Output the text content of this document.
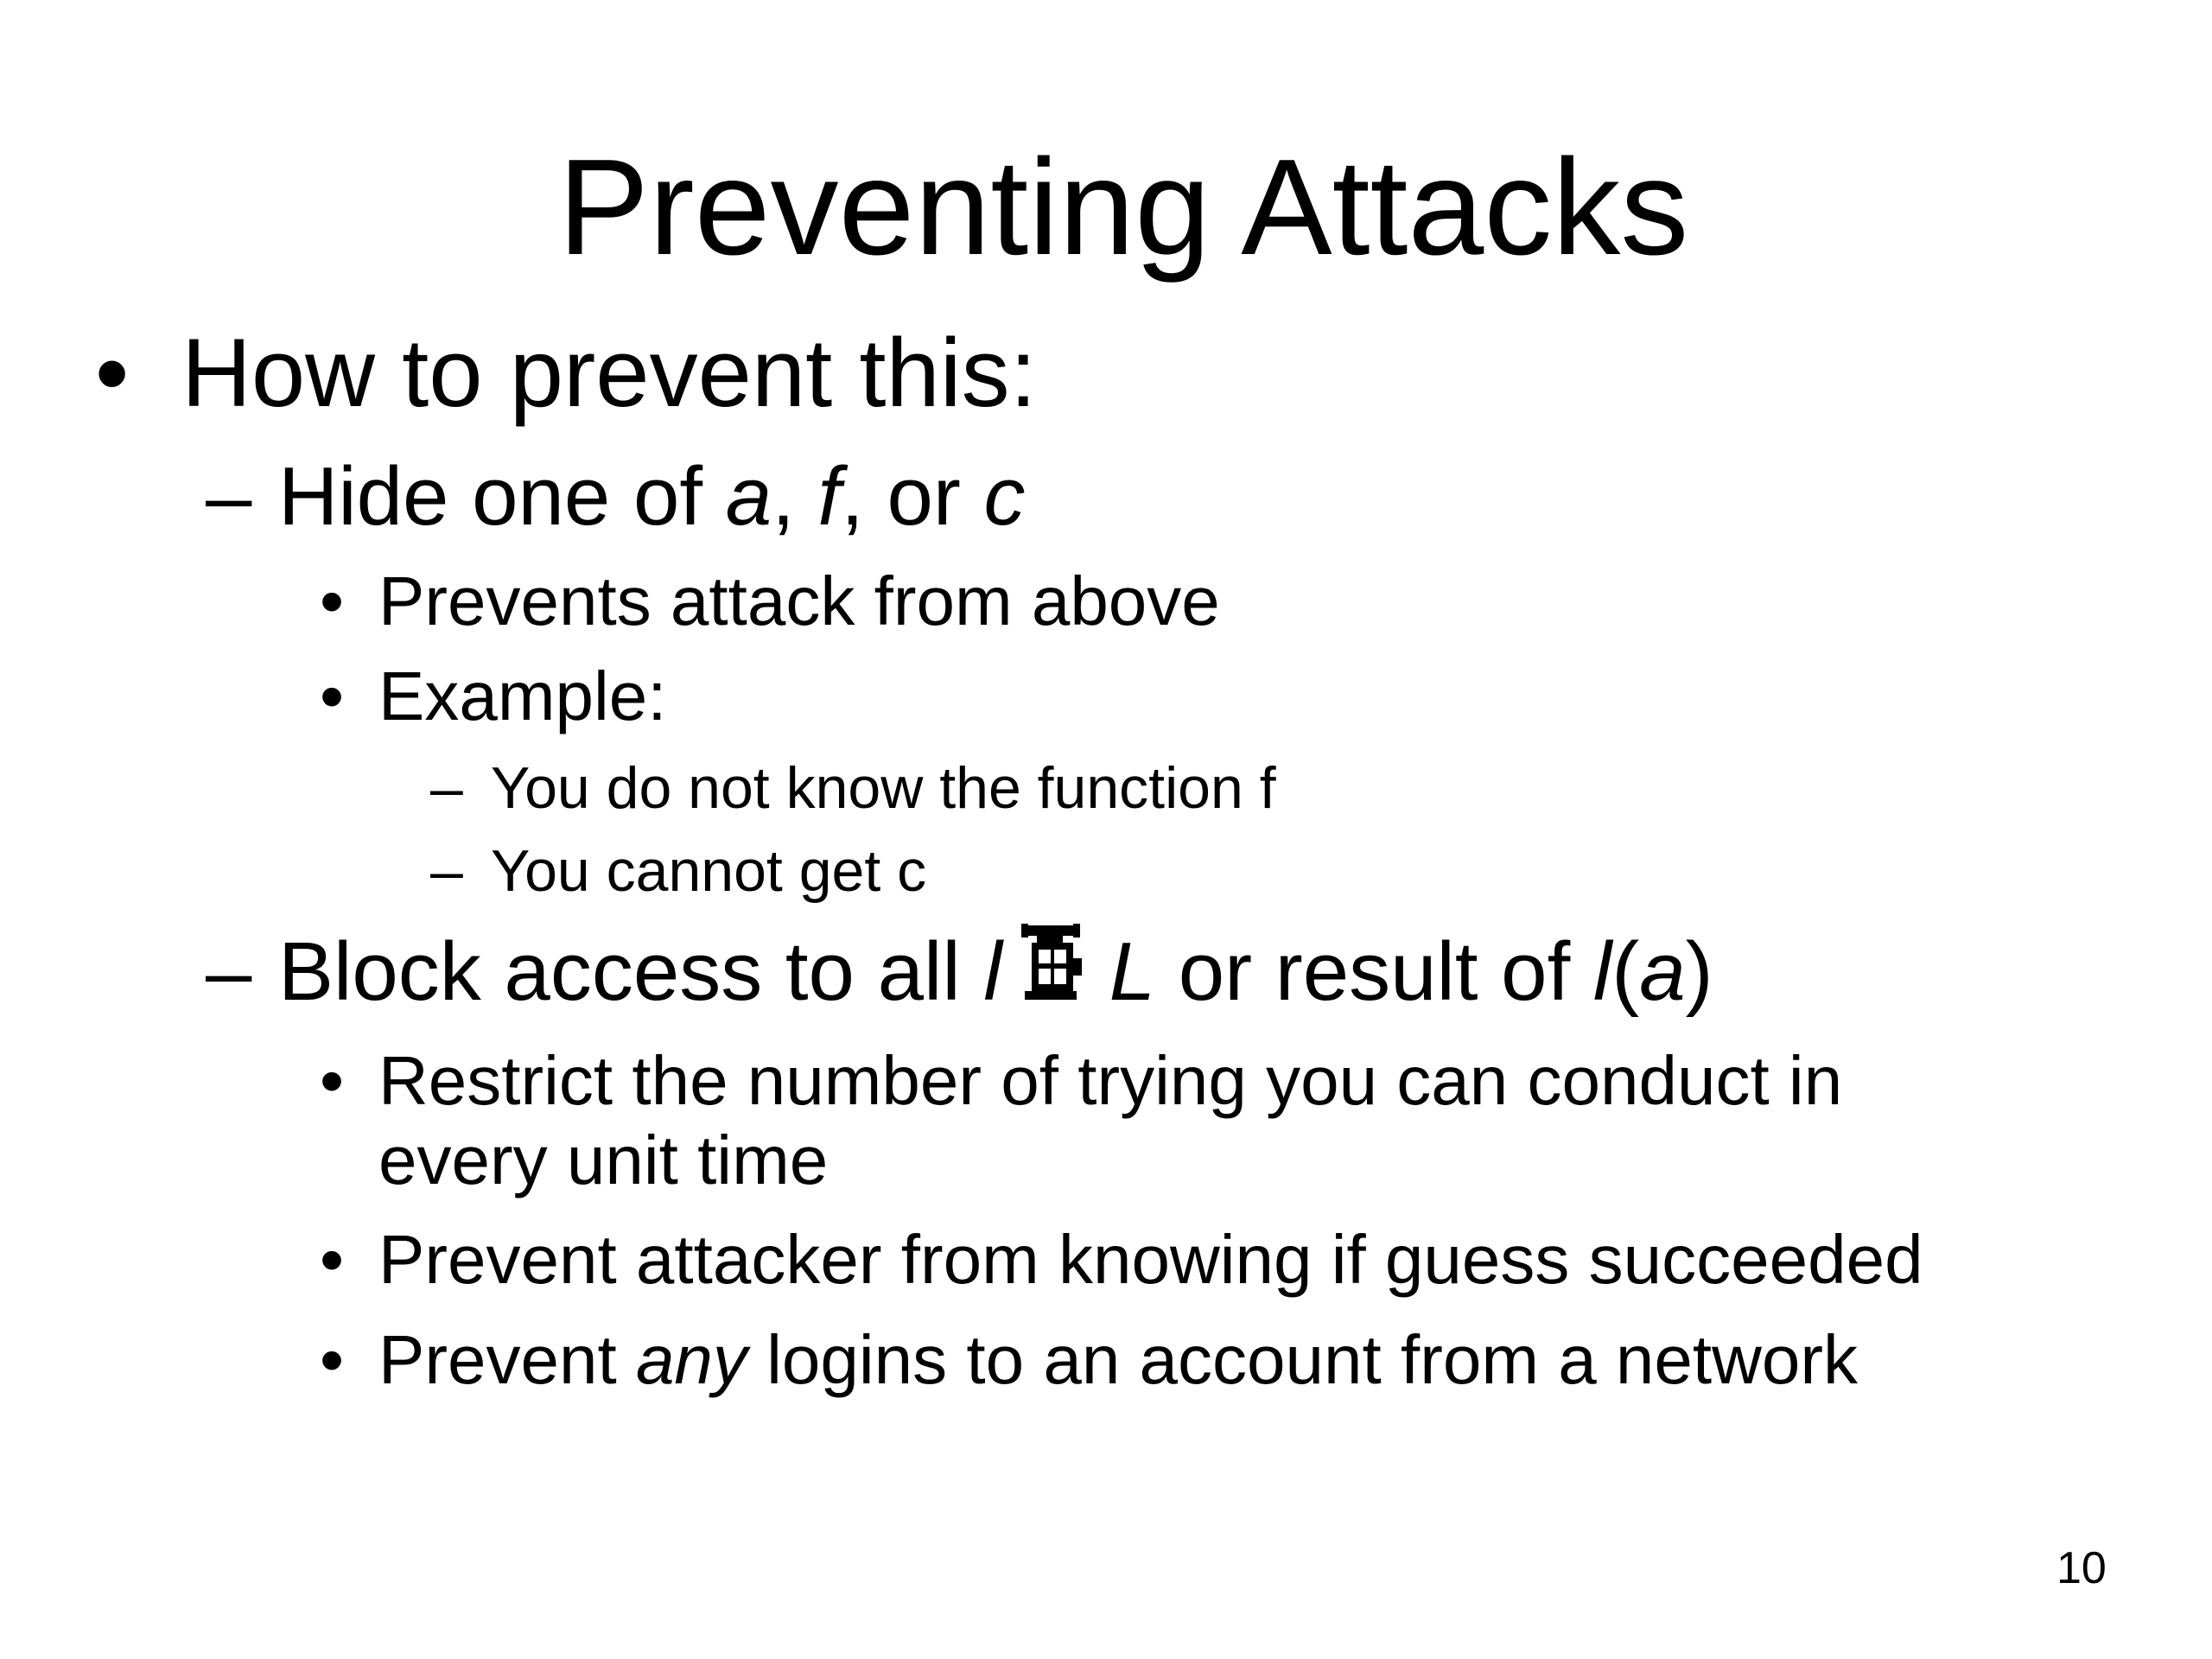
Preventing Attacks
• How to prevent this:
– Hide one of a, f, or c
• Prevents attack from above
• Example:
– You do not know the function f
– You cannot get c
– Block access to all l L or result of l(a)
• Restrict the number of trying you can conduct in
every unit time
• Prevent attacker from knowing if guess succeeded
• Prevent any logins to an account from a network
10
